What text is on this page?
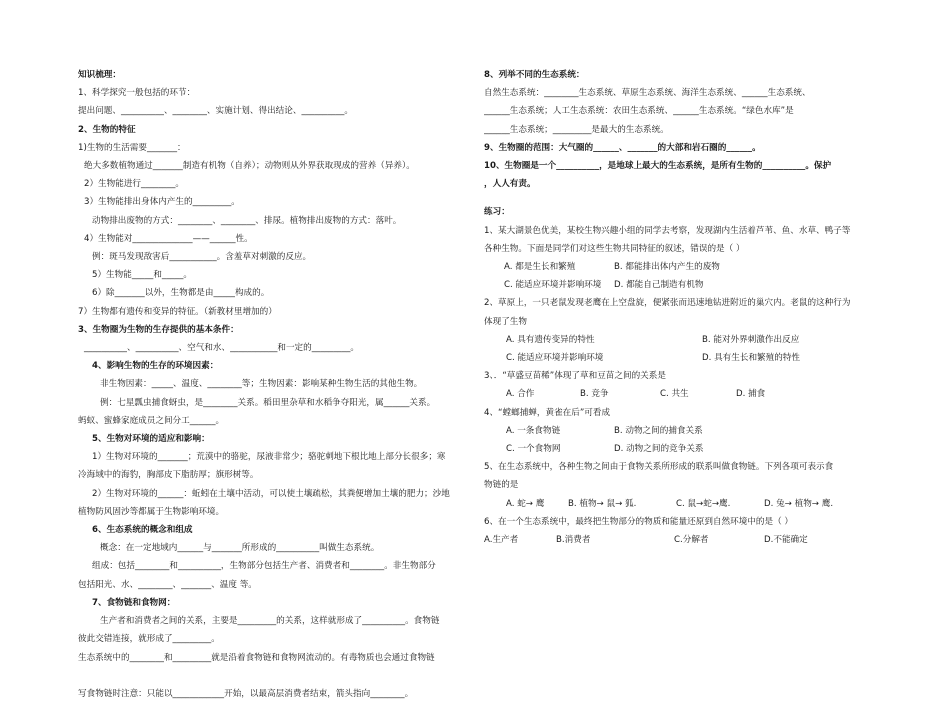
知识梳理：
1、科学探究一般包括的环节：
提出问题、__________、________、实施计划、得出结论、__________。
2、生物的特征
1)生物的生活需要_______：
绝大多数植物通过_______制造有机物（自养）；动物则从外界获取现成的营养（异养）。
2）生物能进行________。
3）生物能排出身体内产生的_________。
动物排出废物的方式：________、________、排尿。植物排出废物的方式：落叶。
4）生物能对______________——______性。
例：斑马发现敌害后___________。含羞草对刺激的反应。
5）生物能_____和_____。
6）除_______以外，生物都是由_____构成的。
7）生物都有遗传和变异的特征。（新教材里增加的）
3、生物圈为生物的生存提供的基本条件：
__________、__________、空气和水、___________和一定的_________。
4、影响生物的生存的环境因素：
非生物因素：_____、温度、________等；生物因素：影响某种生物生活的其他生物。
例：七星瓢虫捕食蚜虫，是________关系。稻田里杂草和水稻争夺阳光，属______关系。
蚂蚁、蜜蜂家庭成员之间分工______。
5、生物对环境的适应和影响：
1）生物对环境的_______；荒漠中的骆驼，尿液非常少；骆驼刺地下根比地上部分长很多；寒
冷海域中的海豹，胸部皮下脂肪厚；旗形树等。
2）生物对环境的______：蚯蚓在土壤中活动，可以使土壤疏松，其粪便增加土壤的肥力；沙地
植物防风固沙等都属于生物影响环境。
6、生态系统的概念和组成
概念：在一定地域内______与_______所形成的__________叫做生态系统。
组成：包括________和__________，生物部分包括生产者、消费者和________。非生物部分
包括阳光、水、________、_______、温度 等。
7、食物链和食物网：
生产者和消费者之间的关系，主要是_________的关系，这样就形成了__________。食物链
彼此交错连接，就形成了_________。
生态系统中的________和_________就是沿着食物链和食物网流动的。有毒物质也会通过食物链

写食物链时注意：只能以____________开始，以最高层消费者结束，箭头指向________。
8、列举不同的生态系统：
自然生态系统：________生态系统、草原生态系统、海洋生态系统、______生态系统、
______生态系统；人工生态系统：农田生态系统、______生态系统。“绿色水库”是
______生态系统；_________是最大的生态系统。
9、生物圈的范围：大气圈的______、_______的大部和岩石圈的______。
10、生物圈是一个__________，是地球上最大的生态系统，是所有生物的__________。保护
，人人有责。
练习：
1、某大湖景色优美，某校生物兴趣小组的同学去考察，发现湖内生活着芦苇、鱼、水草、鸭子等
各种生物。下面是同学们对这些生物共同特征的叙述，错误的是（ ）
A. 都是生长和繁殖	B. 都能排出体内产生的废物
C. 能适应环境并影响环境	D. 都能自己制造有机物
2、草原上，一只老鼠发现老鹰在上空盘旋，便紧张而迅速地钻进附近的巢穴内。老鼠的这种行为
体现了生物
A. 具有遗传变异的特性	B. 能对外界刺激作出反应
C. 能适应环境并影响环境	D. 具有生长和繁殖的特性
3、．“草盛豆苗稀”体现了草和豆苗之间的关系是
A. 合作	B. 竞争	C. 共生	D. 捕食
4、“螳螂捕蝉，黄雀在后”可看成
A. 一条食物链	B. 动物之间的捕食关系
C. 一个食物网	D. 动物之间的竞争关系
5、在生态系统中，各种生物之间由于食物关系所形成的联系叫做食物链。下列各项可表示食
物链的是
A. 蛇→ 鹰	B. 植物→ 鼠→ 狐.	C. 鼠→蛇→鹰.	D. 兔→ 植物→ 鹰.
6、在一个生态系统中，最终把生物部分的物质和能量还原到自然环境中的是（ ）
A.生产者	B.消费者	C.分解者	D.不能确定
